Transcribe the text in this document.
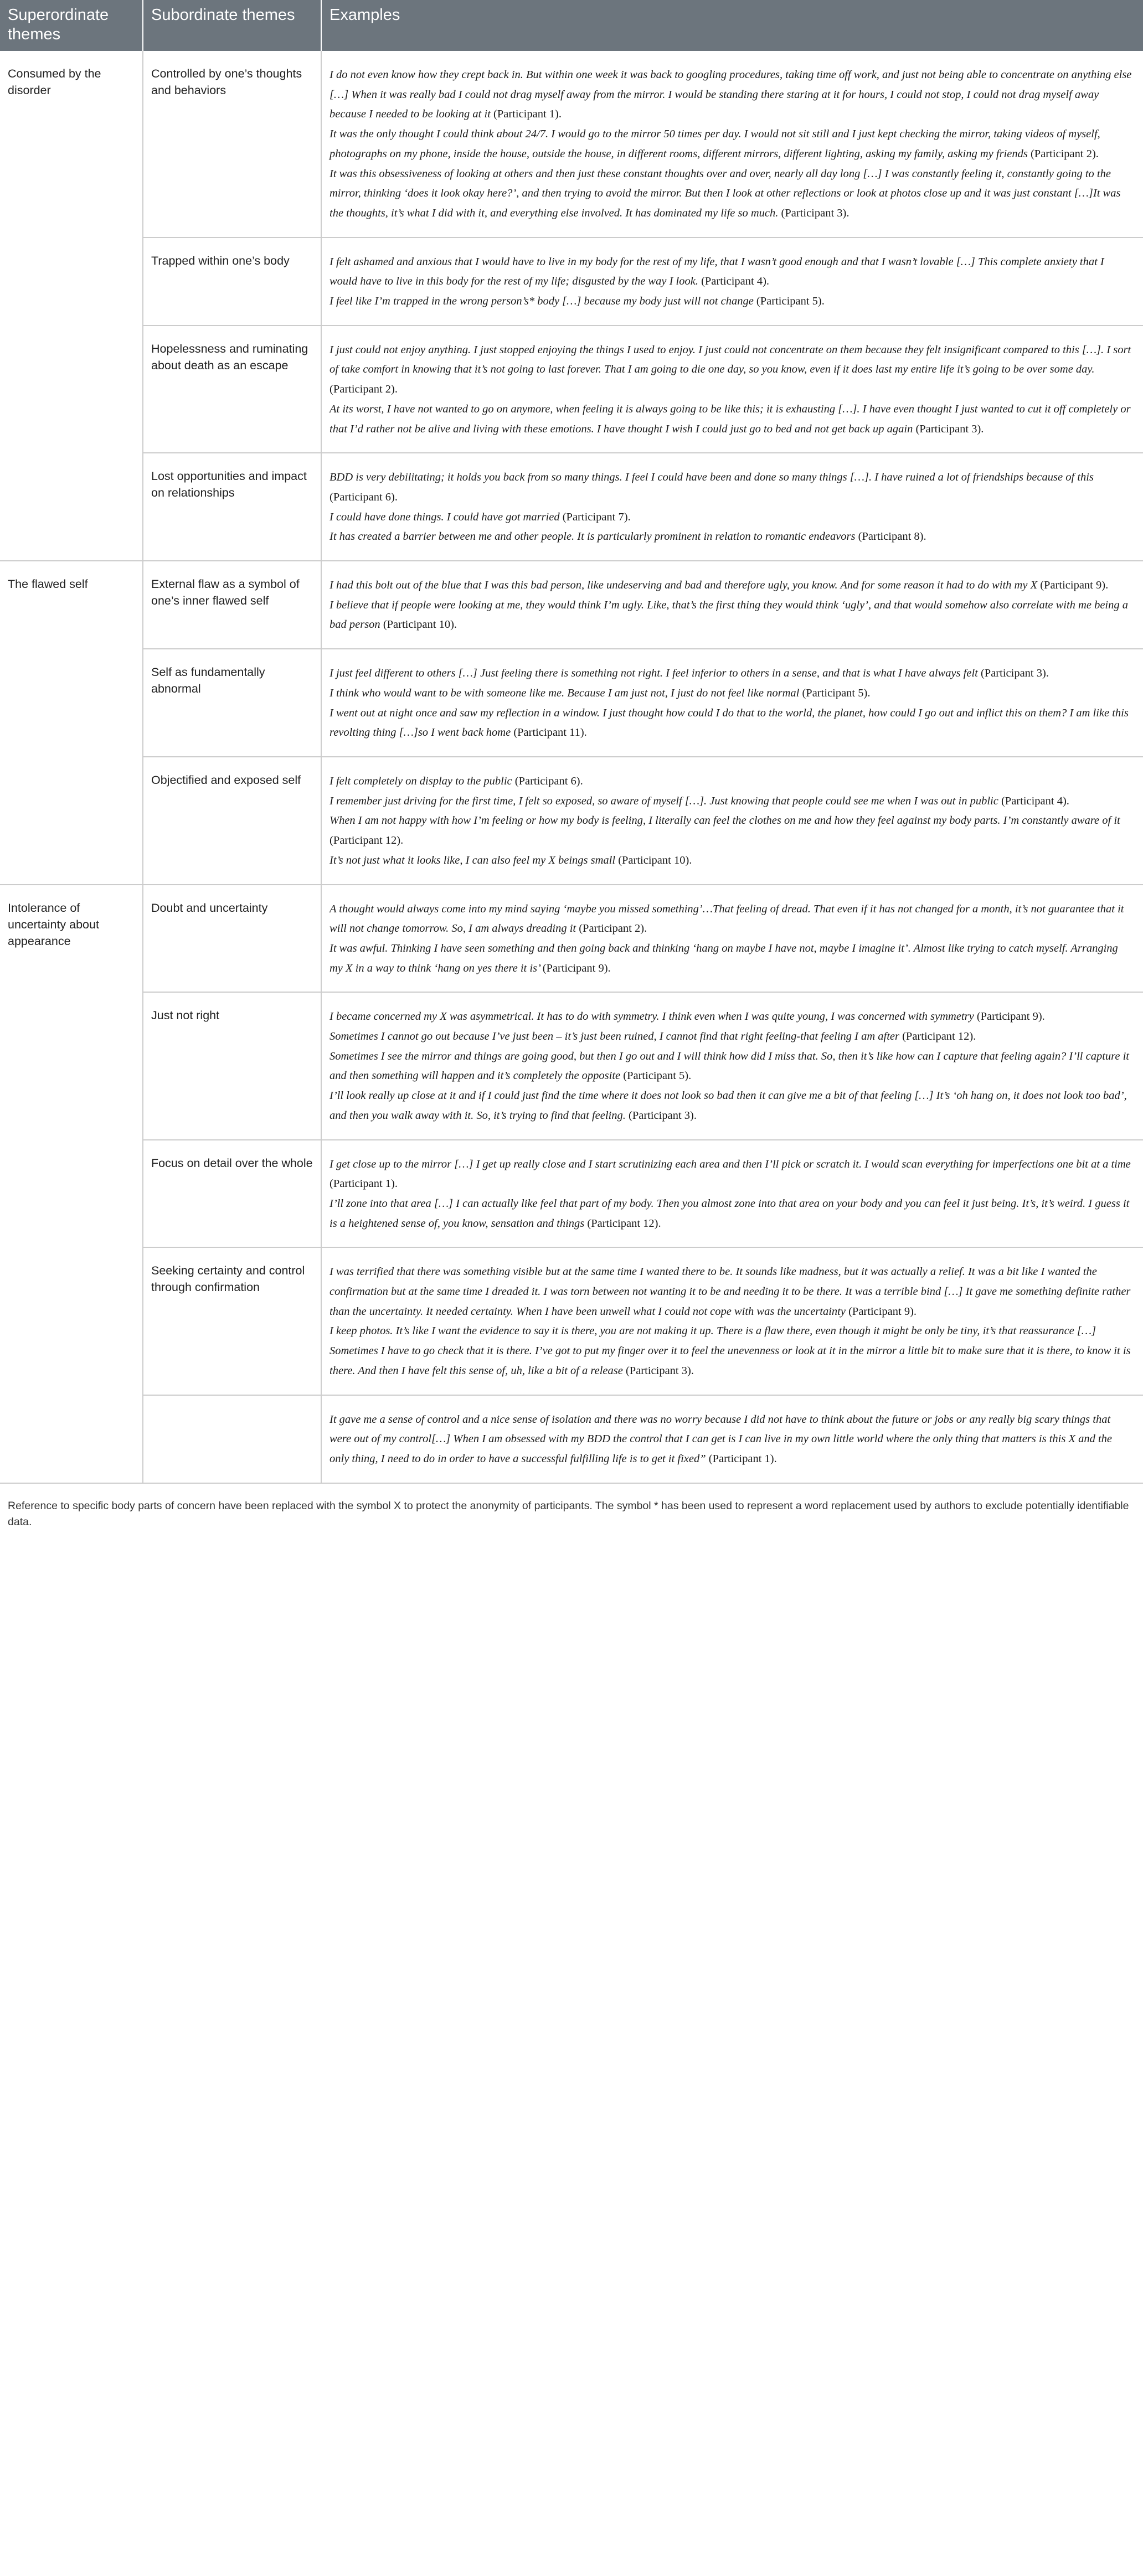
Superordinate themes	Subordinate themes	Examples
Consumed by the disorder	Controlled by one’s thoughts and behaviors	I do not even know how they crept back in. But within one week it was back to googling procedures, taking time off work, and just not being able to concentrate on anything else […] When it was really bad I could not drag myself away from the mirror. I would be standing there staring at it for hours, I could not stop, I could not drag myself away because I needed to be looking at it (Participant 1).

It was the only thought I could think about 24/7. I would go to the mirror 50 times per day. I would not sit still and I just kept checking the mirror, taking videos of myself, photographs on my phone, inside the house, outside the house, in different rooms, different mirrors, different lighting, asking my family, asking my friends (Participant 2).

It was this obsessiveness of looking at others and then just these constant thoughts over and over, nearly all day long […] I was constantly feeling it, constantly going to the mirror, thinking ‘does it look okay here?’, and then trying to avoid the mirror. But then I look at other reflections or look at photos close up and it was just constant […]It was the thoughts, it’s what I did with it, and everything else involved. It has dominated my life so much. (Participant 3).

	Trapped within one’s body	I felt ashamed and anxious that I would have to live in my body for the rest of my life, that I wasn’t good enough and that I wasn’t lovable […] This complete anxiety that I would have to live in this body for the rest of my life; disgusted by the way I look. (Participant 4).

I feel like I’m trapped in the wrong person’s* body […] because my body just will not change (Participant 5).

	Hopelessness and ruminating about death as an escape	I just could not enjoy anything. I just stopped enjoying the things I used to enjoy. I just could not concentrate on them because they felt insignificant compared to this […]. I sort of take comfort in knowing that it’s not going to last forever. That I am going to die one day, so you know, even if it does last my entire life it’s going to be over some day. (Participant 2).

At its worst, I have not wanted to go on anymore, when feeling it is always going to be like this; it is exhausting […]. I have even thought I just wanted to cut it off completely or that I’d rather not be alive and living with these emotions. I have thought I wish I could just go to bed and not get back up again (Participant 3).

	Lost opportunities and impact on relationships	BDD is very debilitating; it holds you back from so many things. I feel I could have been and done so many things […]. I have ruined a lot of friendships because of this (Participant 6).

I could have done things. I could have got married (Participant 7).

It has created a barrier between me and other people. It is particularly prominent in relation to romantic endeavors (Participant 8).

The flawed self	External flaw as a symbol of one’s inner flawed self	I had this bolt out of the blue that I was this bad person, like undeserving and bad and therefore ugly, you know. And for some reason it had to do with my X (Participant 9).

I believe that if people were looking at me, they would think I’m ugly. Like, that’s the first thing they would think ‘ugly’, and that would somehow also correlate with me being a bad person (Participant 10).

	Self as fundamentally abnormal	I just feel different to others […] Just feeling there is something not right. I feel inferior to others in a sense, and that is what I have always felt (Participant 3).

I think who would want to be with someone like me. Because I am just not, I just do not feel like normal (Participant 5).

I went out at night once and saw my reflection in a window. I just thought how could I do that to the world, the planet, how could I go out and inflict this on them? I am like this revolting thing […]so I went back home (Participant 11).

	Objectified and exposed self	I felt completely on display to the public (Participant 6).

I remember just driving for the first time, I felt so exposed, so aware of myself […]. Just knowing that people could see me when I was out in public (Participant 4).

When I am not happy with how I’m feeling or how my body is feeling, I literally can feel the clothes on me and how they feel against my body parts. I’m constantly aware of it (Participant 12).

It’s not just what it looks like, I can also feel my X beings small (Participant 10).

Intolerance of uncertainty about appearance	Doubt and uncertainty	A thought would always come into my mind saying ‘maybe you missed something’…That feeling of dread. That even if it has not changed for a month, it’s not guarantee that it will not change tomorrow. So, I am always dreading it (Participant 2).

It was awful. Thinking I have seen something and then going back and thinking ‘hang on maybe I have not, maybe I imagine it’. Almost like trying to catch myself. Arranging my X in a way to think ‘hang on yes there it is’ (Participant 9).

	Just not right	I became concerned my X was asymmetrical. It has to do with symmetry. I think even when I was quite young, I was concerned with symmetry (Participant 9).

Sometimes I cannot go out because I’ve just been – it’s just been ruined, I cannot find that right feeling-that feeling I am after (Participant 12).

Sometimes I see the mirror and things are going good, but then I go out and I will think how did I miss that. So, then it’s like how can I capture that feeling again? I’ll capture it and then something will happen and it’s completely the opposite (Participant 5).

I’ll look really up close at it and if I could just find the time where it does not look so bad then it can give me a bit of that feeling […] It’s ‘oh hang on, it does not look too bad’, and then you walk away with it. So, it’s trying to find that feeling. (Participant 3).

	Focus on detail over the whole	I get close up to the mirror […] I get up really close and I start scrutinizing each area and then I’ll pick or scratch it. I would scan everything for imperfections one bit at a time (Participant 1).

I’ll zone into that area […] I can actually like feel that part of my body. Then you almost zone into that area on your body and you can feel it just being. It’s, it’s weird. I guess it is a heightened sense of, you know, sensation and things (Participant 12).

	Seeking certainty and control through confirmation	I was terrified that there was something visible but at the same time I wanted there to be. It sounds like madness, but it was actually a relief. It was a bit like I wanted the confirmation but at the same time I dreaded it. I was torn between not wanting it to be and needing it to be there. It was a terrible bind […] It gave me something definite rather than the uncertainty. It needed certainty. When I have been unwell what I could not cope with was the uncertainty (Participant 9).

I keep photos. It’s like I want the evidence to say it is there, you are not making it up. There is a flaw there, even though it might be only be tiny, it’s that reassurance […] Sometimes I have to go check that it is there. I’ve got to put my finger over it to feel the unevenness or look at it in the mirror a little bit to make sure that it is there, to know it is there. And then I have felt this sense of, uh, like a bit of a release (Participant 3).

		It gave me a sense of control and a nice sense of isolation and there was no worry because I did not have to think about the future or jobs or any really big scary things that were out of my control[…] When I am obsessed with my BDD the control that I can get is I can live in my own little world where the only thing that matters is this X and the only thing, I need to do in order to have a successful fulfilling life is to get it fixed” (Participant 1).

Reference to specific body parts of concern have been replaced with the symbol X to protect the anonymity of participants. The symbol * has been used to represent a word replacement used by authors to exclude potentially identifiable data.
